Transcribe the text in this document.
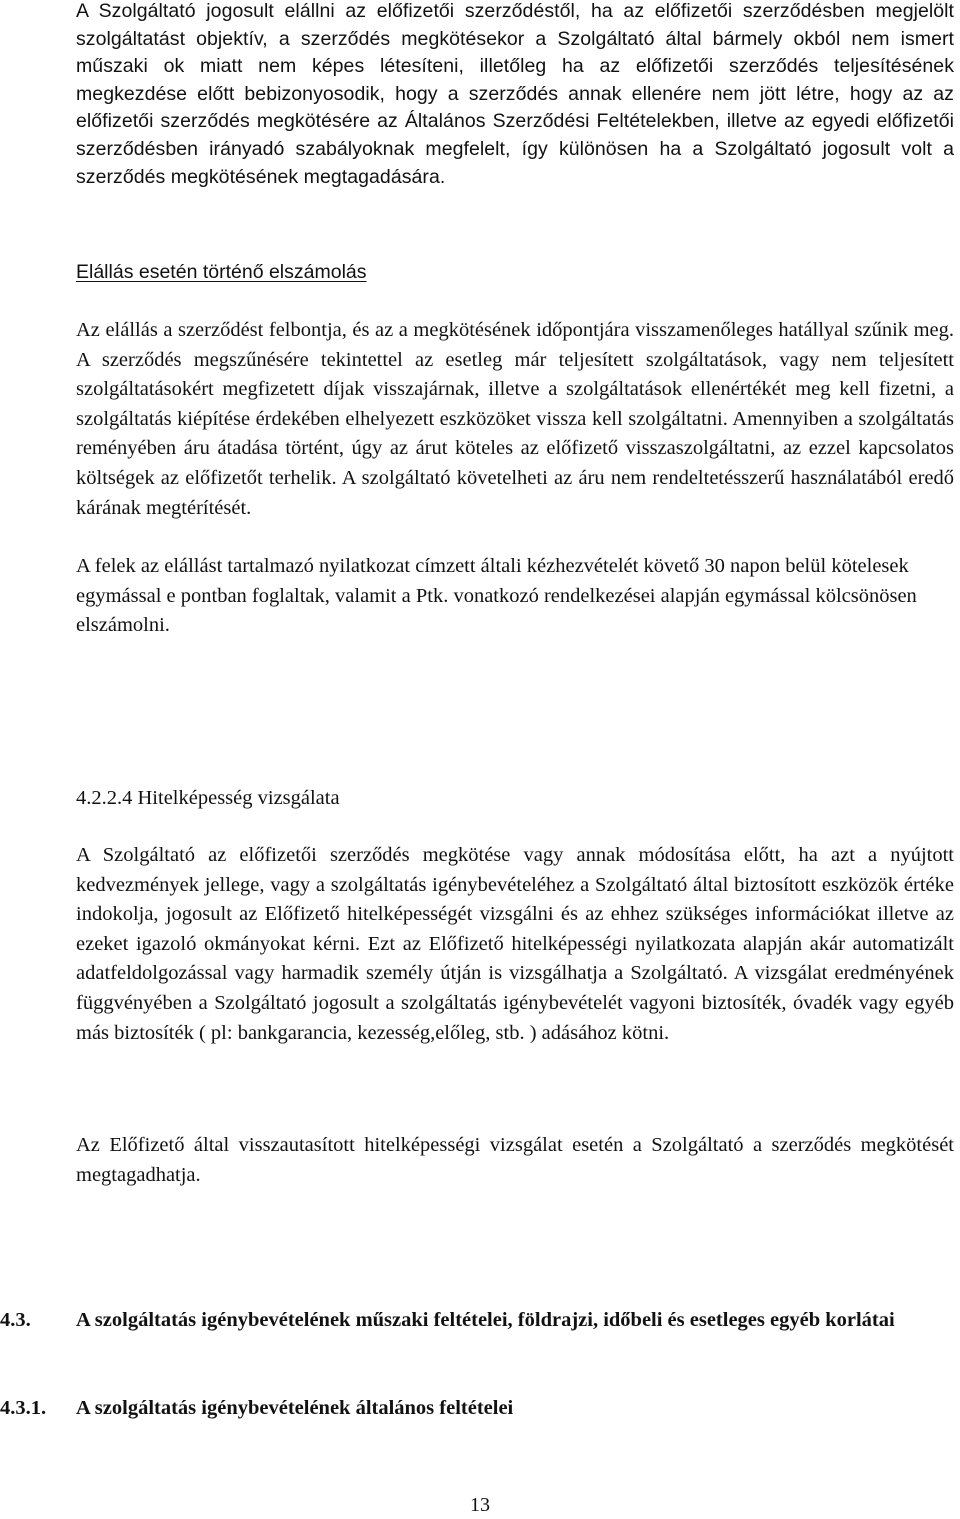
A Szolgáltató jogosult elállni az előfizetői szerződéstől, ha az előfizetői szerződésben megjelölt szolgáltatást objektív, a szerződés megkötésekor a Szolgáltató által bármely okból nem ismert műszaki ok miatt nem képes létesíteni, illetőleg ha az előfizetői szerződés teljesítésének megkezdése előtt bebizonyosodik, hogy a szerződés annak ellenére nem jött létre, hogy az az előfizetői szerződés megkötésére az Általános Szerződési Feltételekben, illetve az egyedi előfizetői szerződésben irányadó szabályoknak megfelelt, így különösen ha a Szolgáltató jogosult volt a szerződés megkötésének megtagadására.

Elállás esetén történő elszámolás

Az elállás a szerződést felbontja, és az a megkötésének időpontjára visszamenőleges hatállyal szűnik meg. A szerződés megszűnésére tekintettel az esetleg már teljesített szolgáltatások, vagy nem teljesített szolgáltatásokért megfizetett díjak visszajárnak, illetve a szolgáltatások ellenértékét meg kell fizetni, a szolgáltatás kiépítése érdekében elhelyezett eszközöket vissza kell szolgáltatni. Amennyiben a szolgáltatás reményében áru átadása történt, úgy az árut köteles az előfizető visszaszolgáltatni, az ezzel kapcsolatos költségek az előfizetőt terhelik. A szolgáltató követelheti az áru nem rendeltetésszerű használatából eredő kárának megtérítését.

A felek az elállást tartalmazó nyilatkozat címzett általi kézhezvételét követő 30 napon belül kötelesek egymással e pontban foglaltak, valamit a Ptk. vonatkozó rendelkezései alapján egymással kölcsönösen elszámolni.

4.2.2.4 Hitelképesség vizsgálata

A Szolgáltató az előfizetői szerződés megkötése vagy annak módosítása előtt, ha azt a nyújtott kedvezmények jellege, vagy a szolgáltatás igénybevételéhez a Szolgáltató által biztosított eszközök értéke indokolja, jogosult az Előfizető hitelképességét vizsgálni és az ehhez szükséges információkat illetve az ezeket igazoló okmányokat kérni. Ezt az Előfizető hitelképességi nyilatkozata alapján akár automatizált adatfeldolgozással vagy harmadik személy útján is vizsgálhatja a Szolgáltató. A vizsgálat eredményének függvényében a Szolgáltató jogosult a szolgáltatás igénybevételét vagyoni biztosíték, óvadék vagy egyéb más biztosíték ( pl: bankgarancia, kezesség,előleg, stb. ) adásához kötni.

Az Előfizető által visszautasított hitelképességi vizsgálat esetén a Szolgáltató a szerződés megkötését megtagadhatja.

4.3. A szolgáltatás igénybevételének műszaki feltételei, földrajzi, időbeli és esetleges egyéb korlátai
4.3.1. A szolgáltatás igénybevételének általános feltételei
13
